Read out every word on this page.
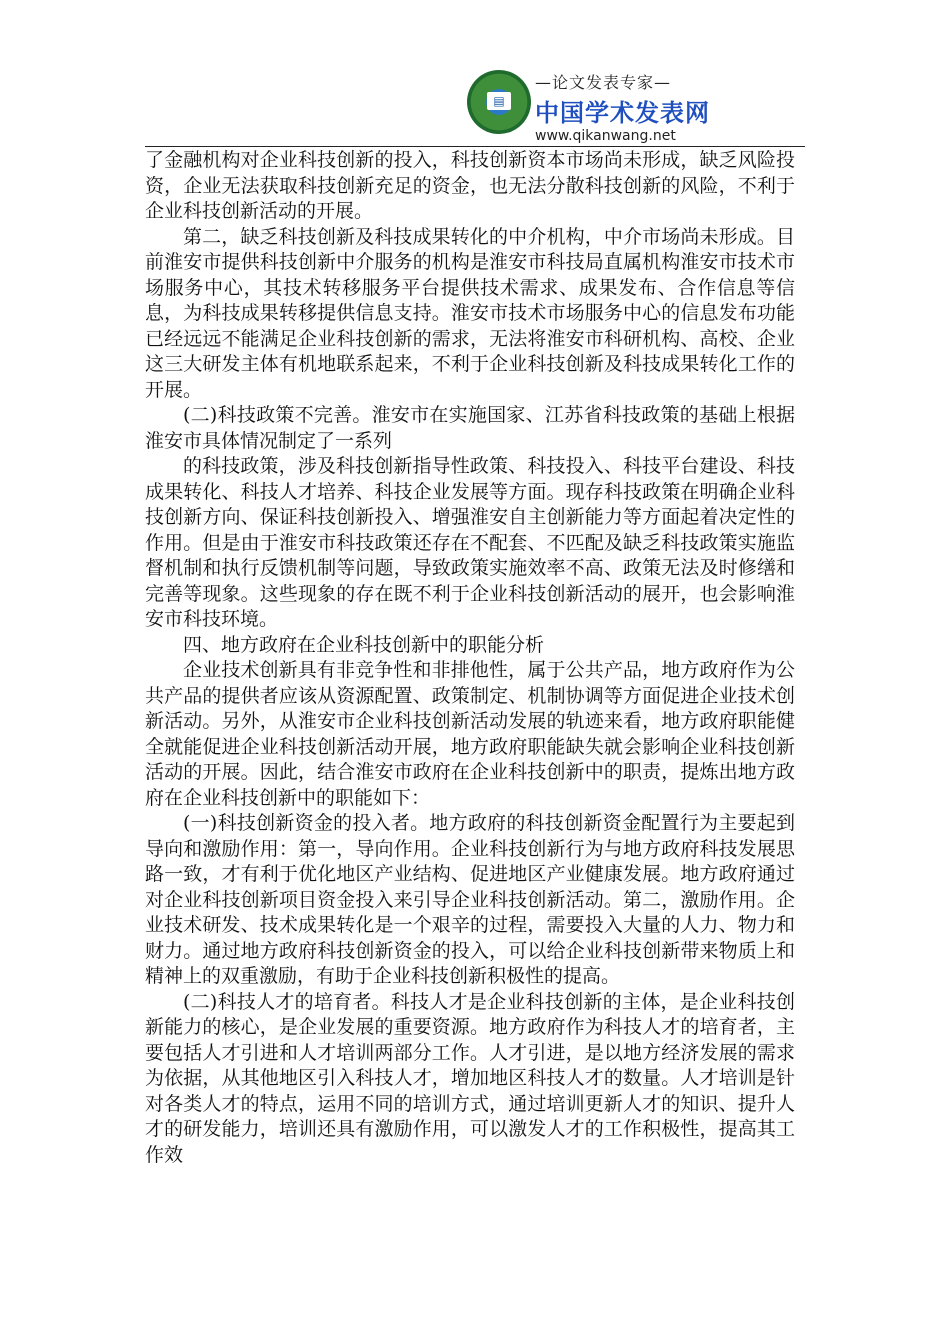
▤
—论文发表专家—
中国学术发表网
www.qikanwang.net

了金融机构对企业科技创新的投入，科技创新资本市场尚未形成，缺乏风险投资，企业无法获取科技创新充足的资金，也无法分散科技创新的风险，不利于企业科技创新活动的开展。

第二，缺乏科技创新及科技成果转化的中介机构，中介市场尚未形成。目前淮安市提供科技创新中介服务的机构是淮安市科技局直属机构淮安市技术市场服务中心，其技术转移服务平台提供技术需求、成果发布、合作信息等信息，为科技成果转移提供信息支持。淮安市技术市场服务中心的信息发布功能已经远远不能满足企业科技创新的需求，无法将淮安市科研机构、高校、企业这三大研发主体有机地联系起来，不利于企业科技创新及科技成果转化工作的开展。

(二)科技政策不完善。淮安市在实施国家、江苏省科技政策的基础上根据淮安市具体情况制定了一系列

的科技政策，涉及科技创新指导性政策、科技投入、科技平台建设、科技成果转化、科技人才培养、科技企业发展等方面。现存科技政策在明确企业科技创新方向、保证科技创新投入、增强淮安自主创新能力等方面起着决定性的作用。但是由于淮安市科技政策还存在不配套、不匹配及缺乏科技政策实施监督机制和执行反馈机制等问题，导致政策实施效率不高、政策无法及时修缮和完善等现象。这些现象的存在既不利于企业科技创新活动的展开，也会影响淮安市科技环境。

四、地方政府在企业科技创新中的职能分析

企业技术创新具有非竞争性和非排他性，属于公共产品，地方政府作为公共产品的提供者应该从资源配置、政策制定、机制协调等方面促进企业技术创新活动。另外，从淮安市企业科技创新活动发展的轨迹来看，地方政府职能健全就能促进企业科技创新活动开展，地方政府职能缺失就会影响企业科技创新活动的开展。因此，结合淮安市政府在企业科技创新中的职责，提炼出地方政府在企业科技创新中的职能如下：

(一)科技创新资金的投入者。地方政府的科技创新资金配置行为主要起到导向和激励作用：第一，导向作用。企业科技创新行为与地方政府科技发展思路一致，才有利于优化地区产业结构、促进地区产业健康发展。地方政府通过对企业科技创新项目资金投入来引导企业科技创新活动。第二，激励作用。企业技术研发、技术成果转化是一个艰辛的过程，需要投入大量的人力、物力和财力。通过地方政府科技创新资金的投入，可以给企业科技创新带来物质上和精神上的双重激励，有助于企业科技创新积极性的提高。

(二)科技人才的培育者。科技人才是企业科技创新的主体，是企业科技创新能力的核心，是企业发展的重要资源。地方政府作为科技人才的培育者，主要包括人才引进和人才培训两部分工作。人才引进，是以地方经济发展的需求为依据，从其他地区引入科技人才，增加地区科技人才的数量。人才培训是针对各类人才的特点，运用不同的培训方式，通过培训更新人才的知识、提升人才的研发能力，培训还具有激励作用，可以激发人才的工作积极性，提高其工作效
